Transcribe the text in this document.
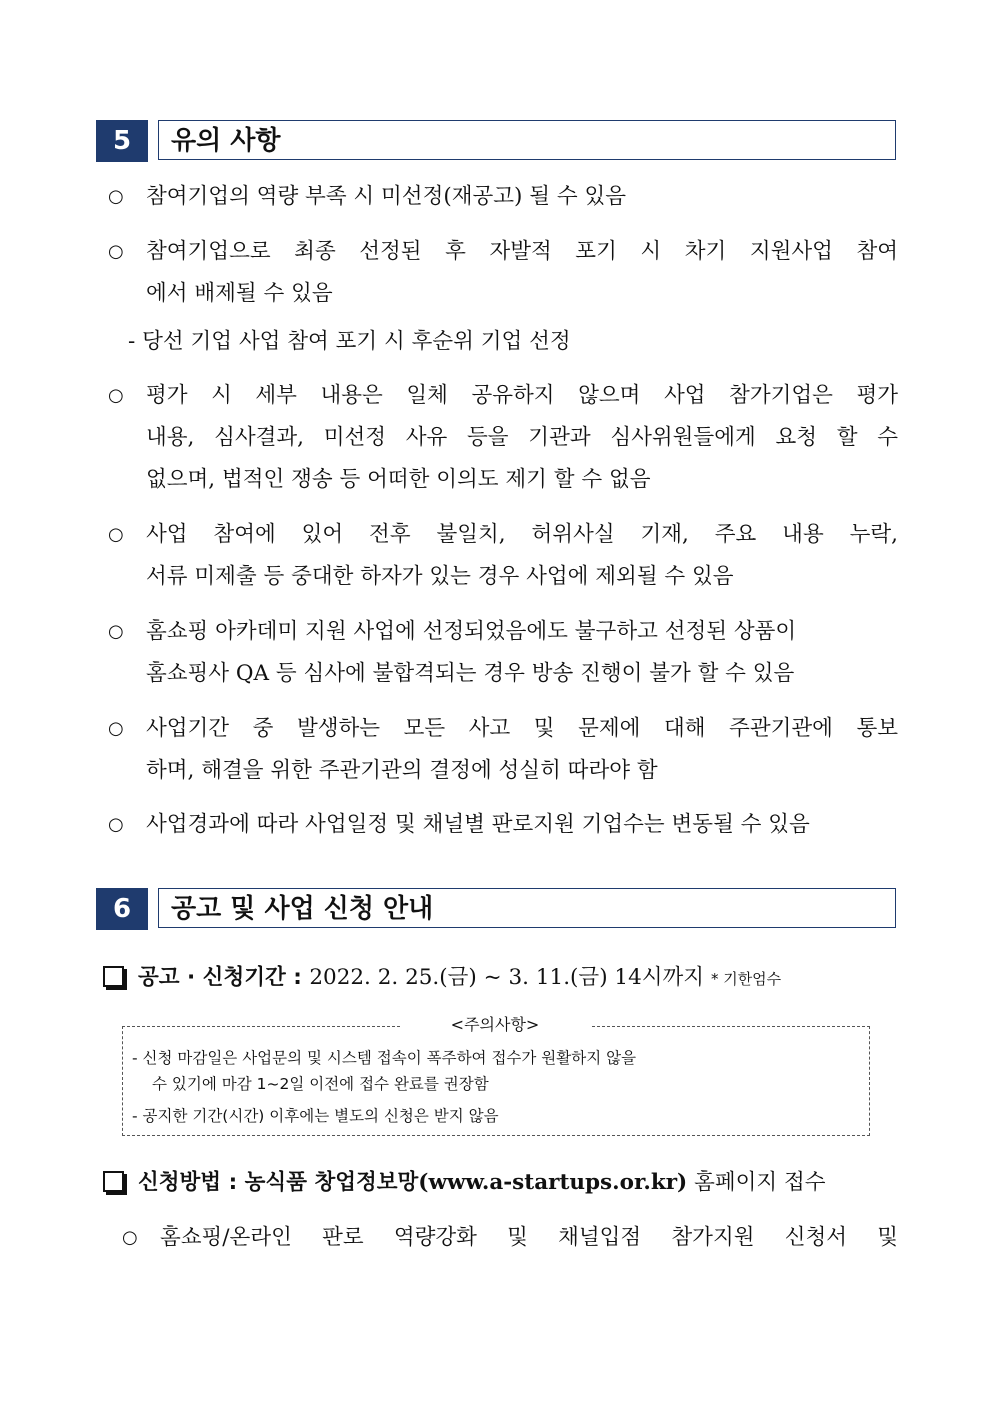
5	유의 사항
○	참여기업의 역량 부족 시 미선정(재공고) 될 수 있음
○	참여기업으로 최종 선정된 후 자발적 포기 시 차기 지원사업 참여
에서 배제될 수 있음
- 당선 기업 사업 참여 포기 시 후순위 기업 선정
○	평가 시 세부 내용은 일체 공유하지 않으며 사업 참가기업은 평가
내용, 심사결과, 미선정 사유 등을 기관과 심사위원들에게 요청 할 수
없으며, 법적인 쟁송 등 어떠한 이의도 제기 할 수 없음
○	사업 참여에 있어 전후 불일치, 허위사실 기재, 주요 내용 누락,
서류 미제출 등 중대한 하자가 있는 경우 사업에 제외될 수 있음
○	홈쇼핑 아카데미 지원 사업에 선정되었음에도 불구하고 선정된 상품이
홈쇼핑사 QA 등 심사에 불합격되는 경우 방송 진행이 불가 할 수 있음
○	사업기간 중 발생하는 모든 사고 및 문제에 대해 주관기관에 통보
하며, 해결을 위한 주관기관의 결정에 성실히 따라야 함
○	사업경과에 따라 사업일정 및 채널별 판로지원 기업수는 변동될 수 있음
6	공고 및 사업 신청 안내
공고 · 신청기간 : 2022. 2. 25.(금) ~ 3. 11.(금) 14시까지 * 기한엄수
<주의사항>
- 신청 마감일은 사업문의 및 시스템 접속이 폭주하여 접수가 원활하지 않을
수 있기에 마감 1~2일 이전에 접수 완료를 권장함
- 공지한 기간(시간) 이후에는 별도의 신청은 받지 않음
신청방법 : 농식품 창업정보망(www.a-startups.or.kr) 홈페이지 접수
○	홈쇼핑/온라인 판로 역량강화 및 채널입점 참가지원 신청서 및
